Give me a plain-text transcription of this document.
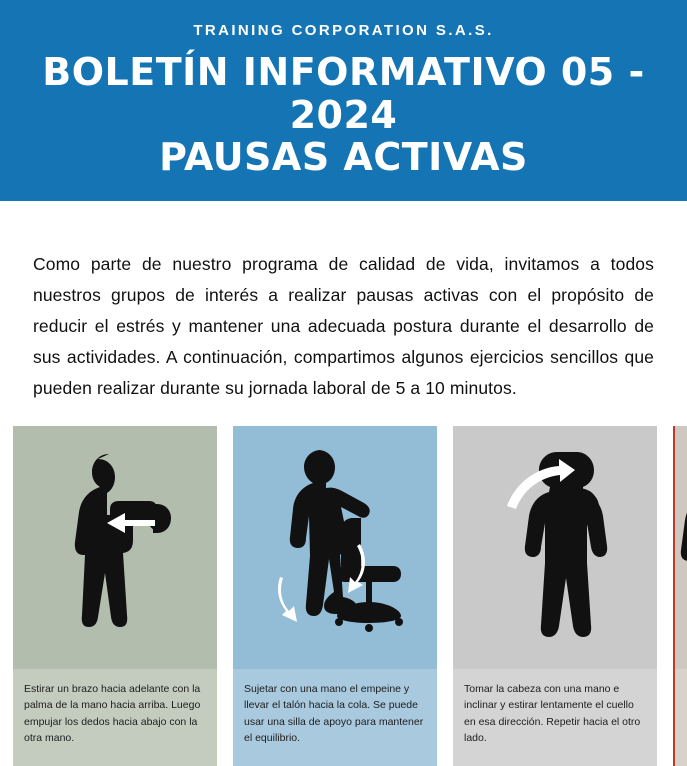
TRAINING CORPORATION S.A.S.
BOLETÍN INFORMATIVO 05 - 2024
PAUSAS ACTIVAS

Como parte de nuestro programa de calidad de vida, invitamos a todos nuestros grupos de interés a realizar pausas activas con el propósito de reducir el estrés y mantener una adecuada postura durante el desarrollo de sus actividades. A continuación, compartimos algunos ejercicios sencillos que pueden realizar durante su jornada laboral de 5 a 10 minutos.

Estirar un brazo hacia adelante con la palma de la mano hacia arriba. Luego empujar los dedos hacia abajo con la otra mano.
Sujetar con una mano el empeine y llevar el talón hacia la cola. Se puede usar una silla de apoyo para mantener el equilibrio.
Tomar la cabeza con una mano e inclinar y estirar lentamente el cuello en esa dirección. Repetir hacia el otro lado.
